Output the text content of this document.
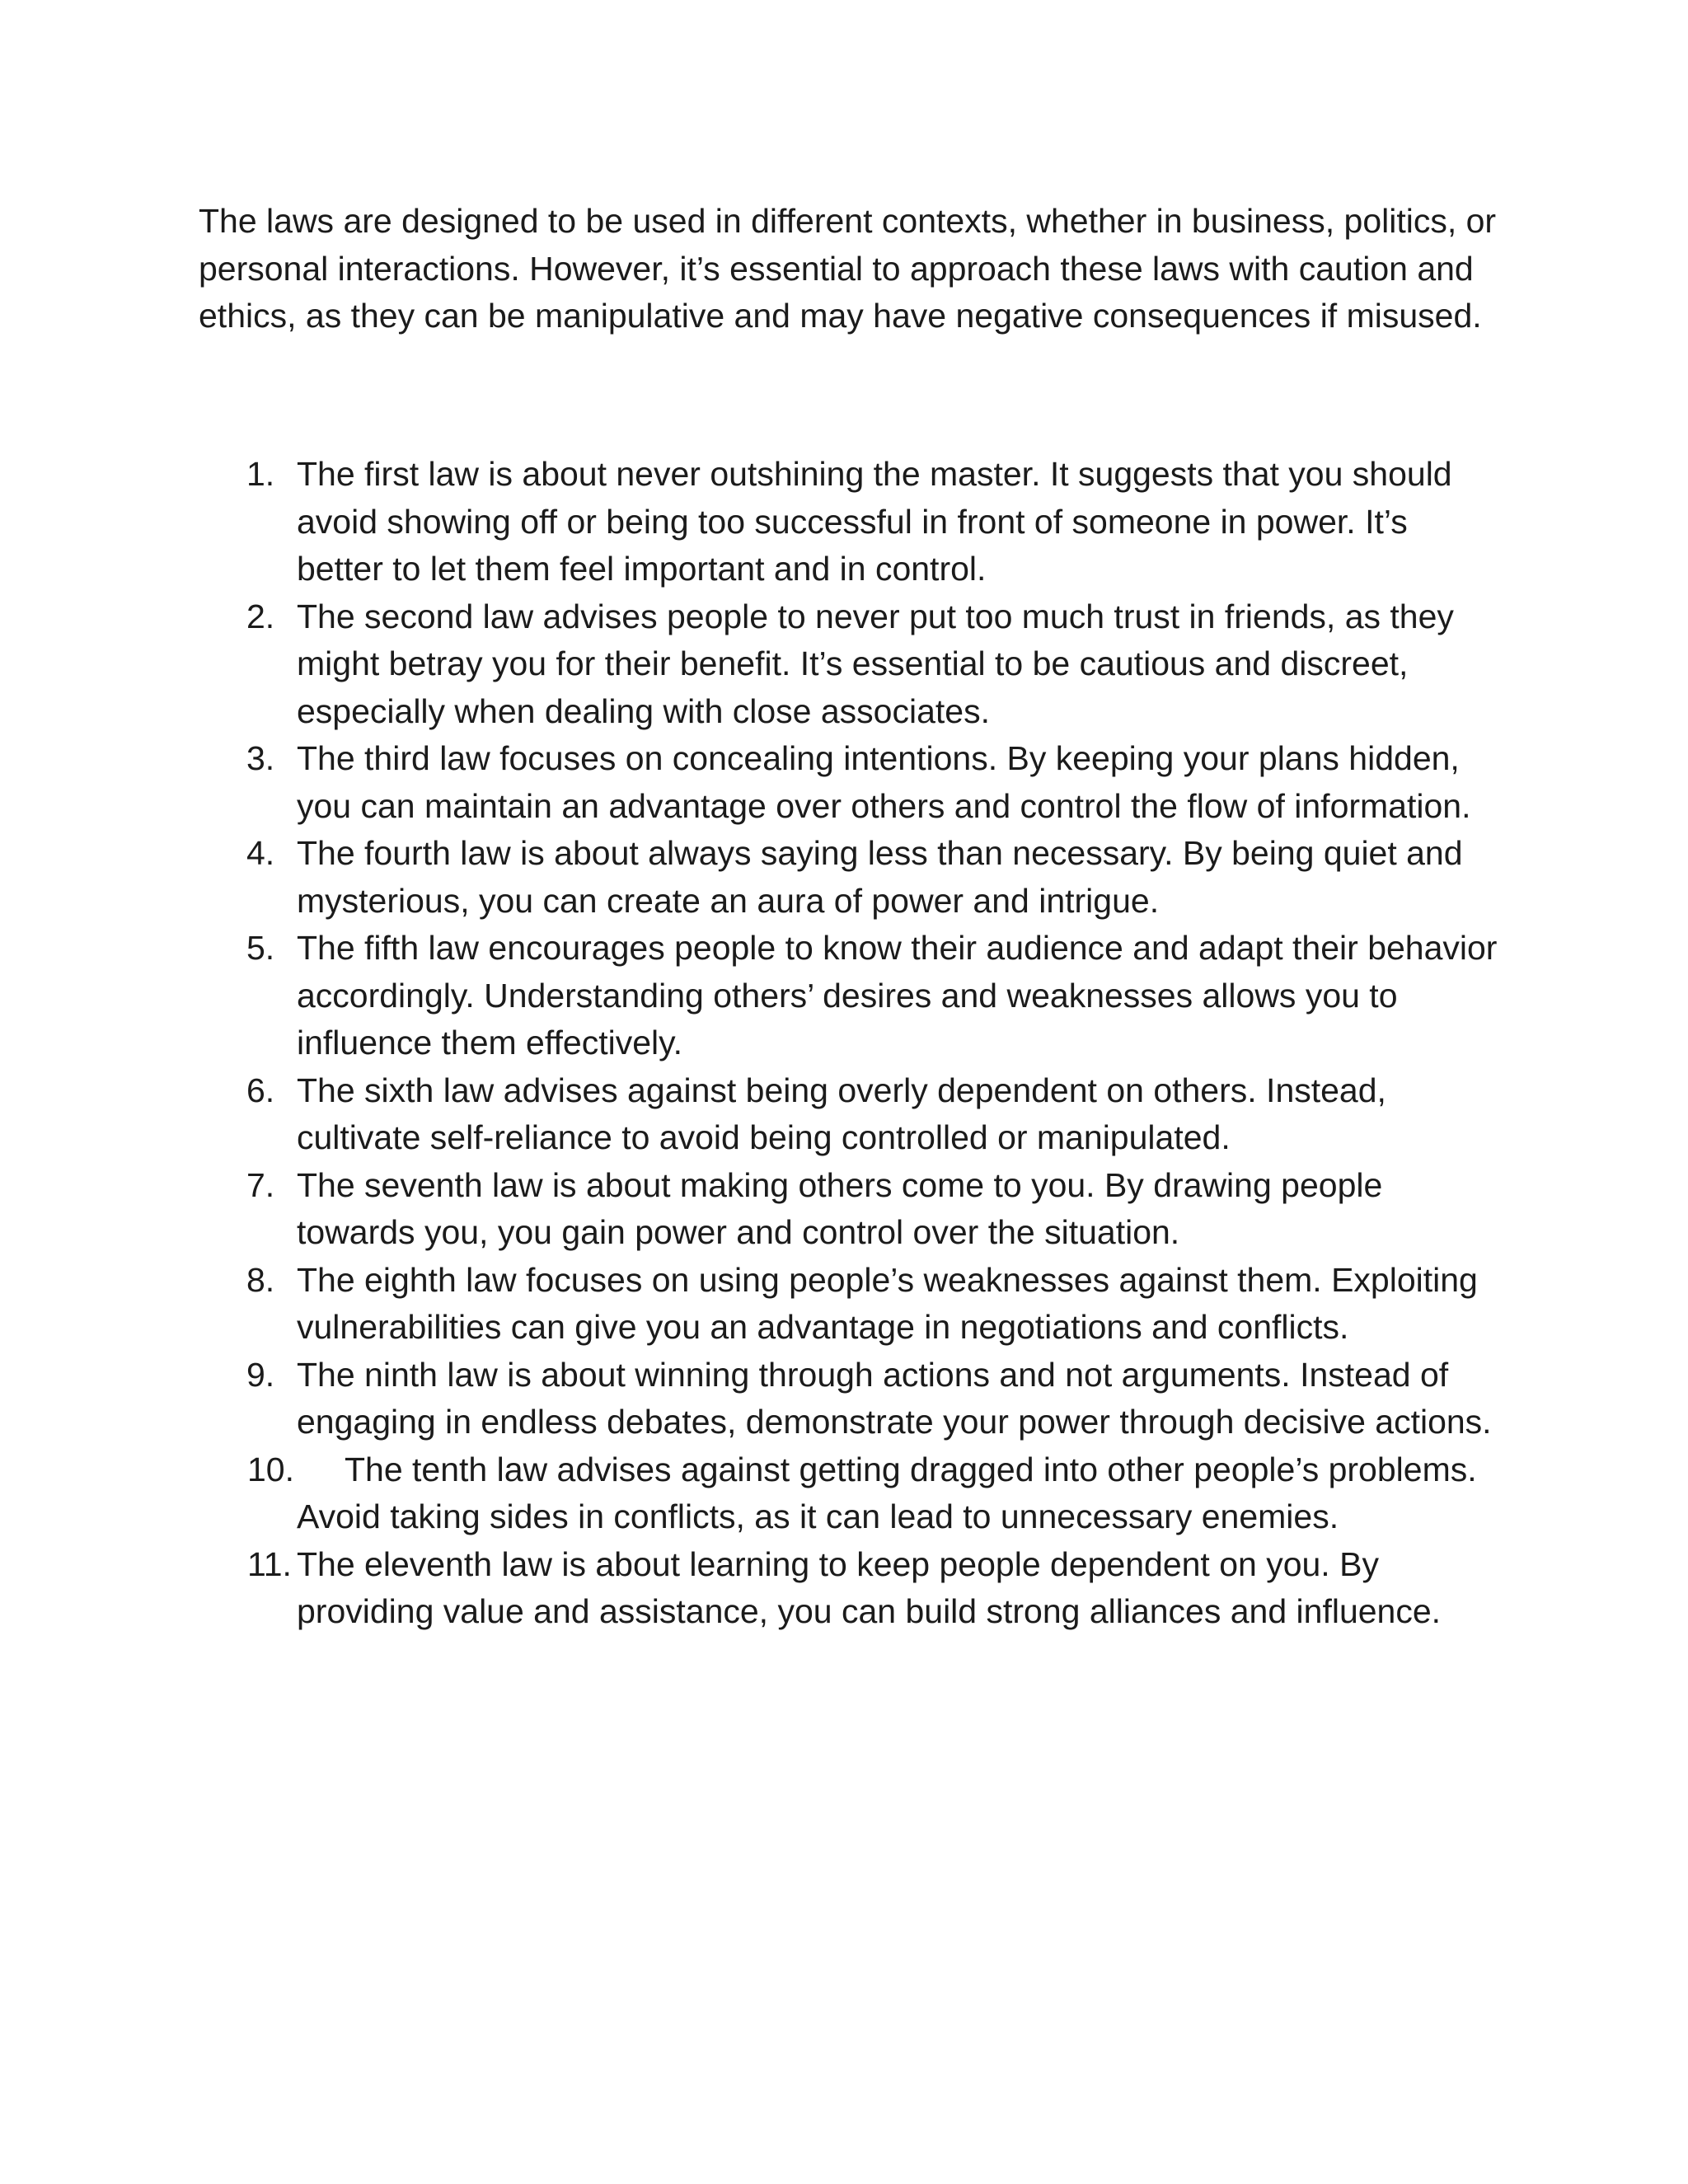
The laws are designed to be used in different contexts, whether in business, politics, or personal interactions. However, it’s essential to approach these laws with caution and ethics, as they can be manipulative and may have negative consequences if misused.

1. The first law is about never outshining the master. It suggests that you should avoid showing off or being too successful in front of someone in power. It’s better to let them feel important and in control.
2. The second law advises people to never put too much trust in friends, as they might betray you for their benefit. It’s essential to be cautious and discreet, especially when dealing with close associates.
3. The third law focuses on concealing intentions. By keeping your plans hidden, you can maintain an advantage over others and control the flow of information.
4. The fourth law is about always saying less than necessary. By being quiet and mysterious, you can create an aura of power and intrigue.
5. The fifth law encourages people to know their audience and adapt their behavior accordingly. Understanding others’ desires and weaknesses allows you to influence them effectively.
6. The sixth law advises against being overly dependent on others. Instead, cultivate self-reliance to avoid being controlled or manipulated.
7. The seventh law is about making others come to you. By drawing people towards you, you gain power and control over the situation.
8. The eighth law focuses on using people’s weaknesses against them. Exploiting vulnerabilities can give you an advantage in negotiations and conflicts.
9. The ninth law is about winning through actions and not arguments. Instead of engaging in endless debates, demonstrate your power through decisive actions.
10. The tenth law advises against getting dragged into other people’s problems. Avoid taking sides in conflicts, as it can lead to unnecessary enemies.
11. The eleventh law is about learning to keep people dependent on you. By providing value and assistance, you can build strong alliances and influence.
